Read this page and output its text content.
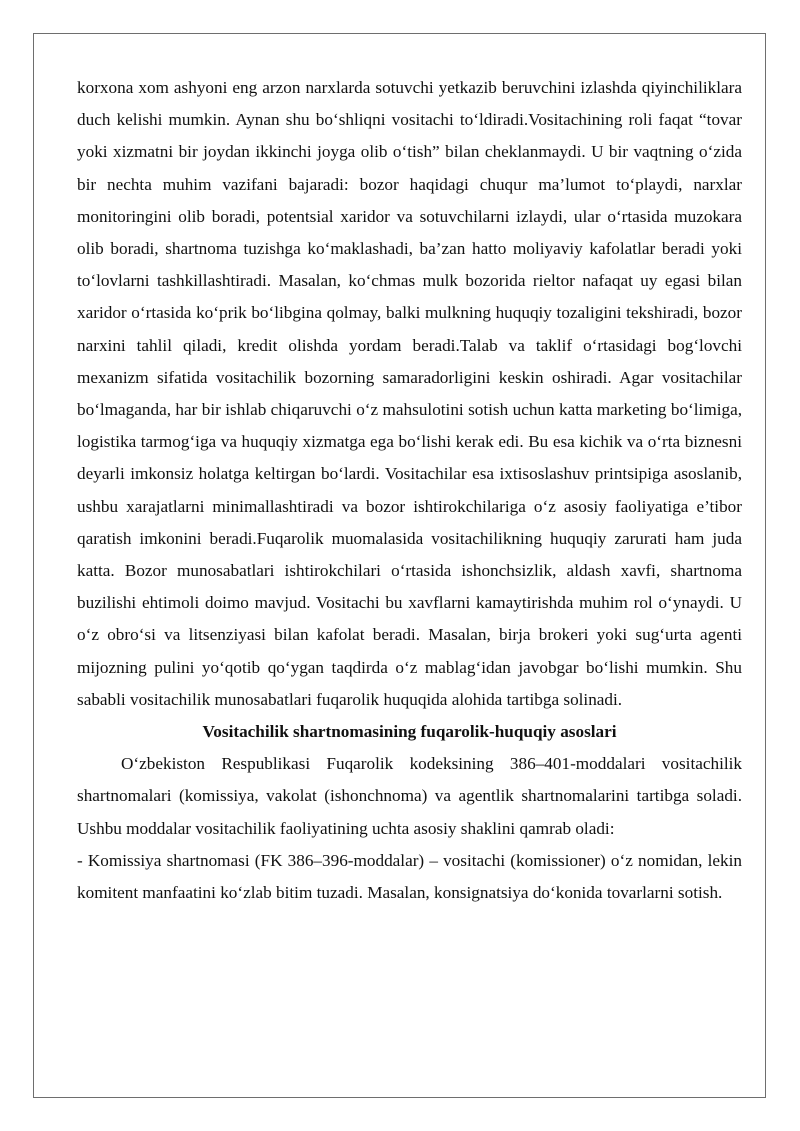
korxona xom ashyoni eng arzon narxlarda sotuvchi yetkazib beruvchini izlashda qiyinchiliklara duch kelishi mumkin. Aynan shu bo‘shliqni vositachi to‘ldiradi.Vositachining roli faqat “tovar yoki xizmatni bir joydan ikkinchi joyga olib o‘tish” bilan cheklanmaydi. U bir vaqtning o‘zida bir nechta muhim vazifani bajaradi: bozor haqidagi chuqur ma’lumot to‘playdi, narxlar monitoringini olib boradi, potentsial xaridor va sotuvchilarni izlaydi, ular o‘rtasida muzokara olib boradi, shartnoma tuzishga ko‘maklashadi, ba’zan hatto moliyaviy kafolatlar beradi yoki to‘lovlarni tashkillashtiradi. Masalan, ko‘chmas mulk bozorida rieltor nafaqat uy egasi bilan xaridor o‘rtasida ko‘prik bo‘libgina qolmay, balki mulkning huquqiy tozaligini tekshiradi, bozor narxini tahlil qiladi, kredit olishda yordam beradi.Talab va taklif o‘rtasidagi bog‘lovchi mexanizm sifatida vositachilik bozorning samaradorligini keskin oshiradi. Agar vositachilar bo‘lmaganda, har bir ishlab chiqaruvchi o‘z mahsulotini sotish uchun katta marketing bo‘limiga, logistika tarmog‘iga va huquqiy xizmatga ega bo‘lishi kerak edi. Bu esa kichik va o‘rta biznesni deyarli imkonsiz holatga keltirgan bo‘lardi. Vositachilar esa ixtisoslashuv printsipiga asoslanib, ushbu xarajatlarni minimallashtiradi va bozor ishtirokchilariga o‘z asosiy faoliyatiga e’tibor qaratish imkonini beradi.Fuqarolik muomalasida vositachilikning huquqiy zarurati ham juda katta. Bozor munosabatlari ishtirokchilari o‘rtasida ishonchsizlik, aldash xavfi, shartnoma buzilishi ehtimoli doimo mavjud. Vositachi bu xavflarni kamaytirishda muhim rol o‘ynaydi. U o‘z obro‘si va litsenziyasi bilan kafolat beradi. Masalan, birja brokeri yoki sug‘urta agenti mijozning pulini yo‘qotib qo‘ygan taqdirda o‘z mablag‘idan javobgar bo‘lishi mumkin. Shu sababli vositachilik munosabatlari fuqarolik huquqida alohida tartibga solinadi.

Vositachilik shartnomasining fuqarolik-huquqiy asoslari

O‘zbekiston Respublikasi Fuqarolik kodeksining 386–401-moddalari vositachilik shartnomalari (komissiya, vakolat (ishonchnoma) va agentlik shartnomalarini tartibga soladi. Ushbu moddalar vositachilik faoliyatining uchta asosiy shaklini qamrab oladi:

- Komissiya shartnomasi (FK 386–396-moddalar) – vositachi (komissioner) o‘z nomidan, lekin komitent manfaatini ko‘zlab bitim tuzadi. Masalan, konsignatsiya do‘konida tovarlarni sotish.
